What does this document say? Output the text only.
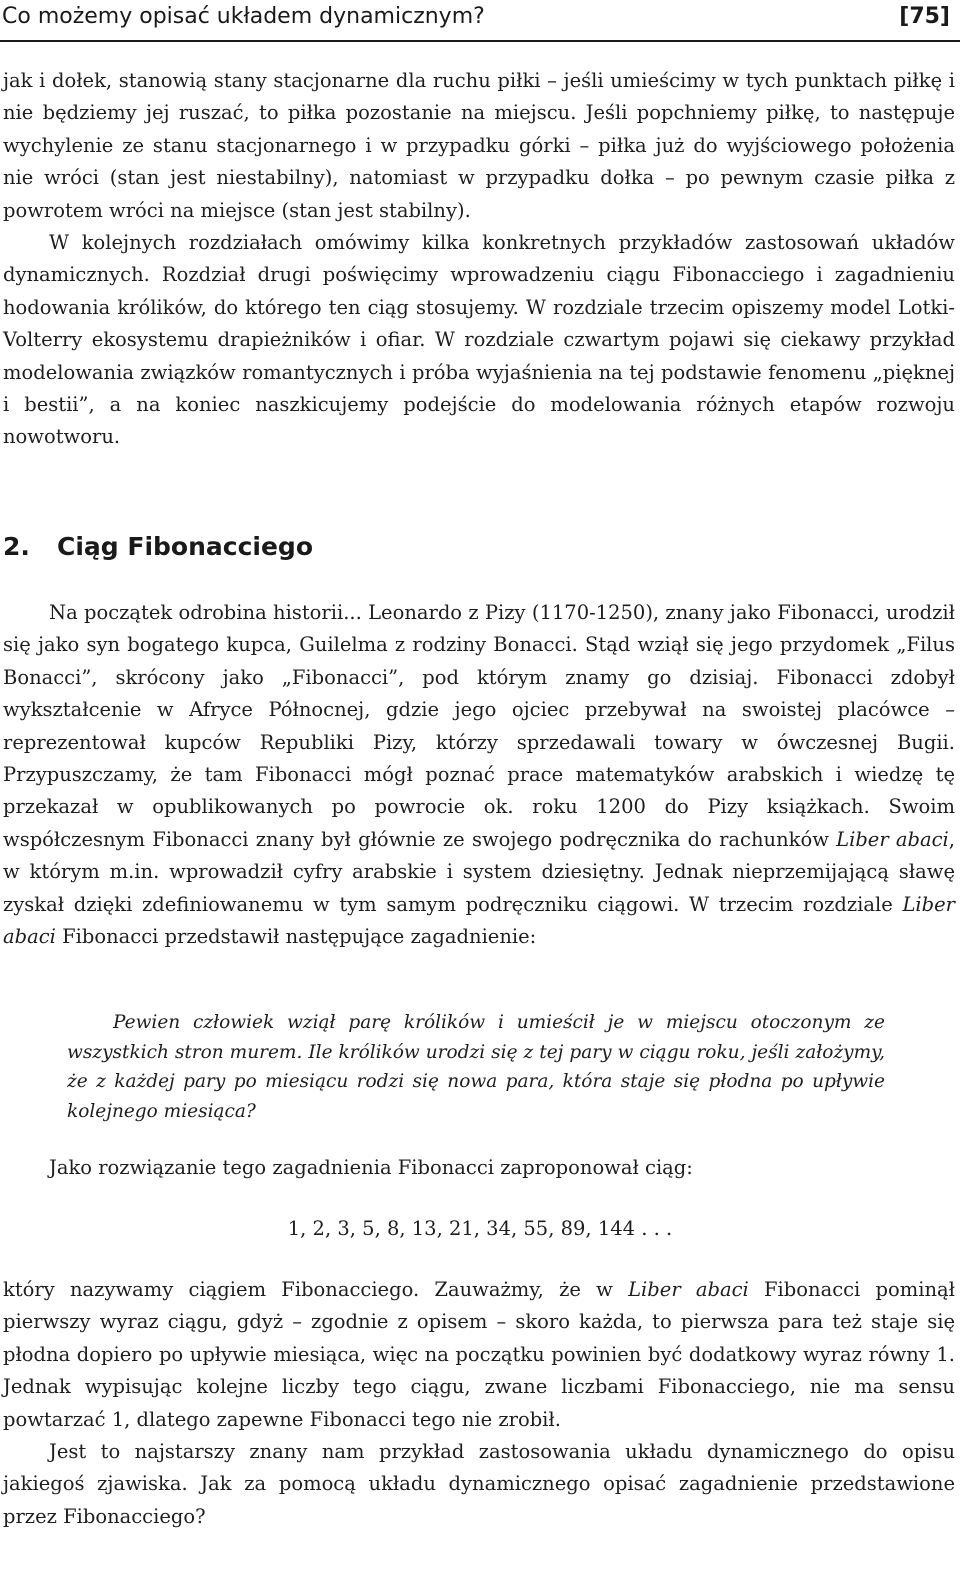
Co możemy opisać układem dynamicznym?	[75]

jak i dołek, stanowią stany stacjonarne dla ruchu piłki – jeśli umieścimy w tych punktach piłkę i nie będziemy jej ruszać, to piłka pozostanie na miejscu. Jeśli popchniemy piłkę, to następuje wychylenie ze stanu stacjonarnego i w przypadku górki – piłka już do wyjściowego położenia nie wróci (stan jest niestabilny), natomiast w przypadku dołka – po pewnym czasie piłka z powrotem wróci na miejsce (stan jest stabilny).

W kolejnych rozdziałach omówimy kilka konkretnych przykładów zastosowań układów dynamicznych. Rozdział drugi poświęcimy wprowadzeniu ciągu Fibonacciego i zagadnieniu hodowania królików, do którego ten ciąg stosujemy. W rozdziale trzecim opiszemy model Lotki-Volterry ekosystemu drapieżników i ofiar. W rozdziale czwartym pojawi się ciekawy przykład modelowania związków romantycznych i próba wyjaśnienia na tej podstawie fenomenu „pięknej i bestii”, a na koniec naszkicujemy podejście do modelowania różnych etapów rozwoju nowotworu.

2. Ciąg Fibonacciego

Na początek odrobina historii... Leonardo z Pizy (1170-1250), znany jako Fibonacci, urodził się jako syn bogatego kupca, Guilelma z rodziny Bonacci. Stąd wziął się jego przydomek „Filus Bonacci”, skrócony jako „Fibonacci”, pod którym znamy go dzisiaj. Fibonacci zdobył wykształcenie w Afryce Północnej, gdzie jego ojciec przebywał na swoistej placówce – reprezentował kupców Republiki Pizy, którzy sprzedawali towary w ówczesnej Bugii. Przypuszczamy, że tam Fibonacci mógł poznać prace matematyków arabskich i wiedzę tę przekazał w opublikowanych po powrocie ok. roku 1200 do Pizy książkach. Swoim współczesnym Fibonacci znany był głównie ze swojego podręcznika do rachunków Liber abaci, w którym m.in. wprowadził cyfry arabskie i system dziesiętny. Jednak nieprzemijającą sławę zyskał dzięki zdefiniowanemu w tym samym podręczniku ciągowi. W trzecim rozdziale Liber abaci Fibonacci przedstawił następujące zagadnienie:

Pewien człowiek wziął parę królików i umieścił je w miejscu otoczonym ze wszystkich stron murem. Ile królików urodzi się z tej pary w ciągu roku, jeśli założymy, że z każdej pary po miesiącu rodzi się nowa para, która staje się płodna po upływie kolejnego miesiąca?

Jako rozwiązanie tego zagadnienia Fibonacci zaproponował ciąg:

1, 2, 3, 5, 8, 13, 21, 34, 55, 89, 144 . . .

który nazywamy ciągiem Fibonacciego. Zauważmy, że w Liber abaci Fibonacci pominął pierwszy wyraz ciągu, gdyż – zgodnie z opisem – skoro każda, to pierwsza para też staje się płodna dopiero po upływie miesiąca, więc na początku powinien być dodatkowy wyraz równy 1. Jednak wypisując kolejne liczby tego ciągu, zwane liczbami Fibonacciego, nie ma sensu powtarzać 1, dlatego zapewne Fibonacci tego nie zrobił.

Jest to najstarszy znany nam przykład zastosowania układu dynamicznego do opisu jakiegoś zjawiska. Jak za pomocą układu dynamicznego opisać zagadnienie przedstawione przez Fibonacciego?
